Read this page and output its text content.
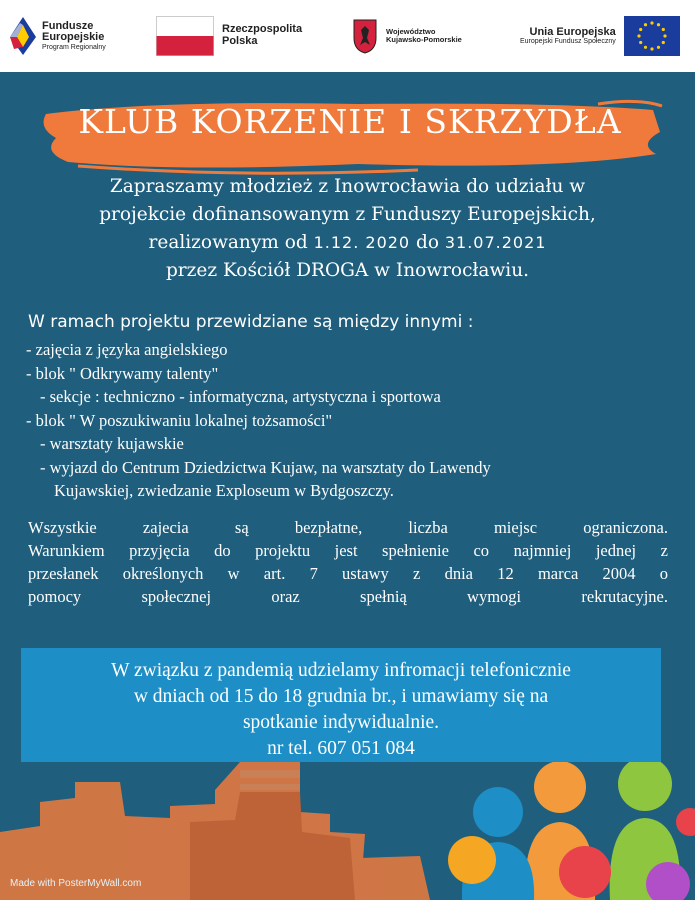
Fundusze
Europejskie
Program Regionalny
Rzeczpospolita
Polska
Województwo
Kujawsko-Pomorskie
Unia Europejska
Europejski Fundusz Społeczny
KLUB KORZENIE I SKRZYDŁA
Zapraszamy młodzież z Inowrocławia do udziału w
projekcie dofinansowanym z Funduszy Europejskich,
realizowanym od 1.12. 2020 do 31.07.2021
przez Kościół DROGA w Inowrocławiu.
W ramach projektu przewidziane są między innymi :
- zajęcia z języka angielskiego
- blok " Odkrywamy talenty"
- sekcje : techniczno - informatyczna, artystyczna i sportowa
- blok " W poszukiwaniu lokalnej tożsamości"
- warsztaty kujawskie
- wyjazd do Centrum Dziedzictwa Kujaw, na warsztaty do Lawendy
Kujawskiej, zwiedzanie Exploseum w Bydgoszczy.
Wszystkie zajecia są bezpłatne, liczba miejsc ograniczona.
Warunkiem przyjęcia do projektu jest spełnienie co najmniej jednej z
przesłanek określonych w art. 7 ustawy z dnia 12 marca 2004 o
pomocy społecznej oraz spełnią wymogi rekrutacyjne.
W związku z pandemią udzielamy infromacji telefonicznie
w dniach od 15 do 18 grudnia br., i umawiamy się na
spotkanie indywidualnie.
nr tel. 607 051 084
Made with PosterMyWall.com
